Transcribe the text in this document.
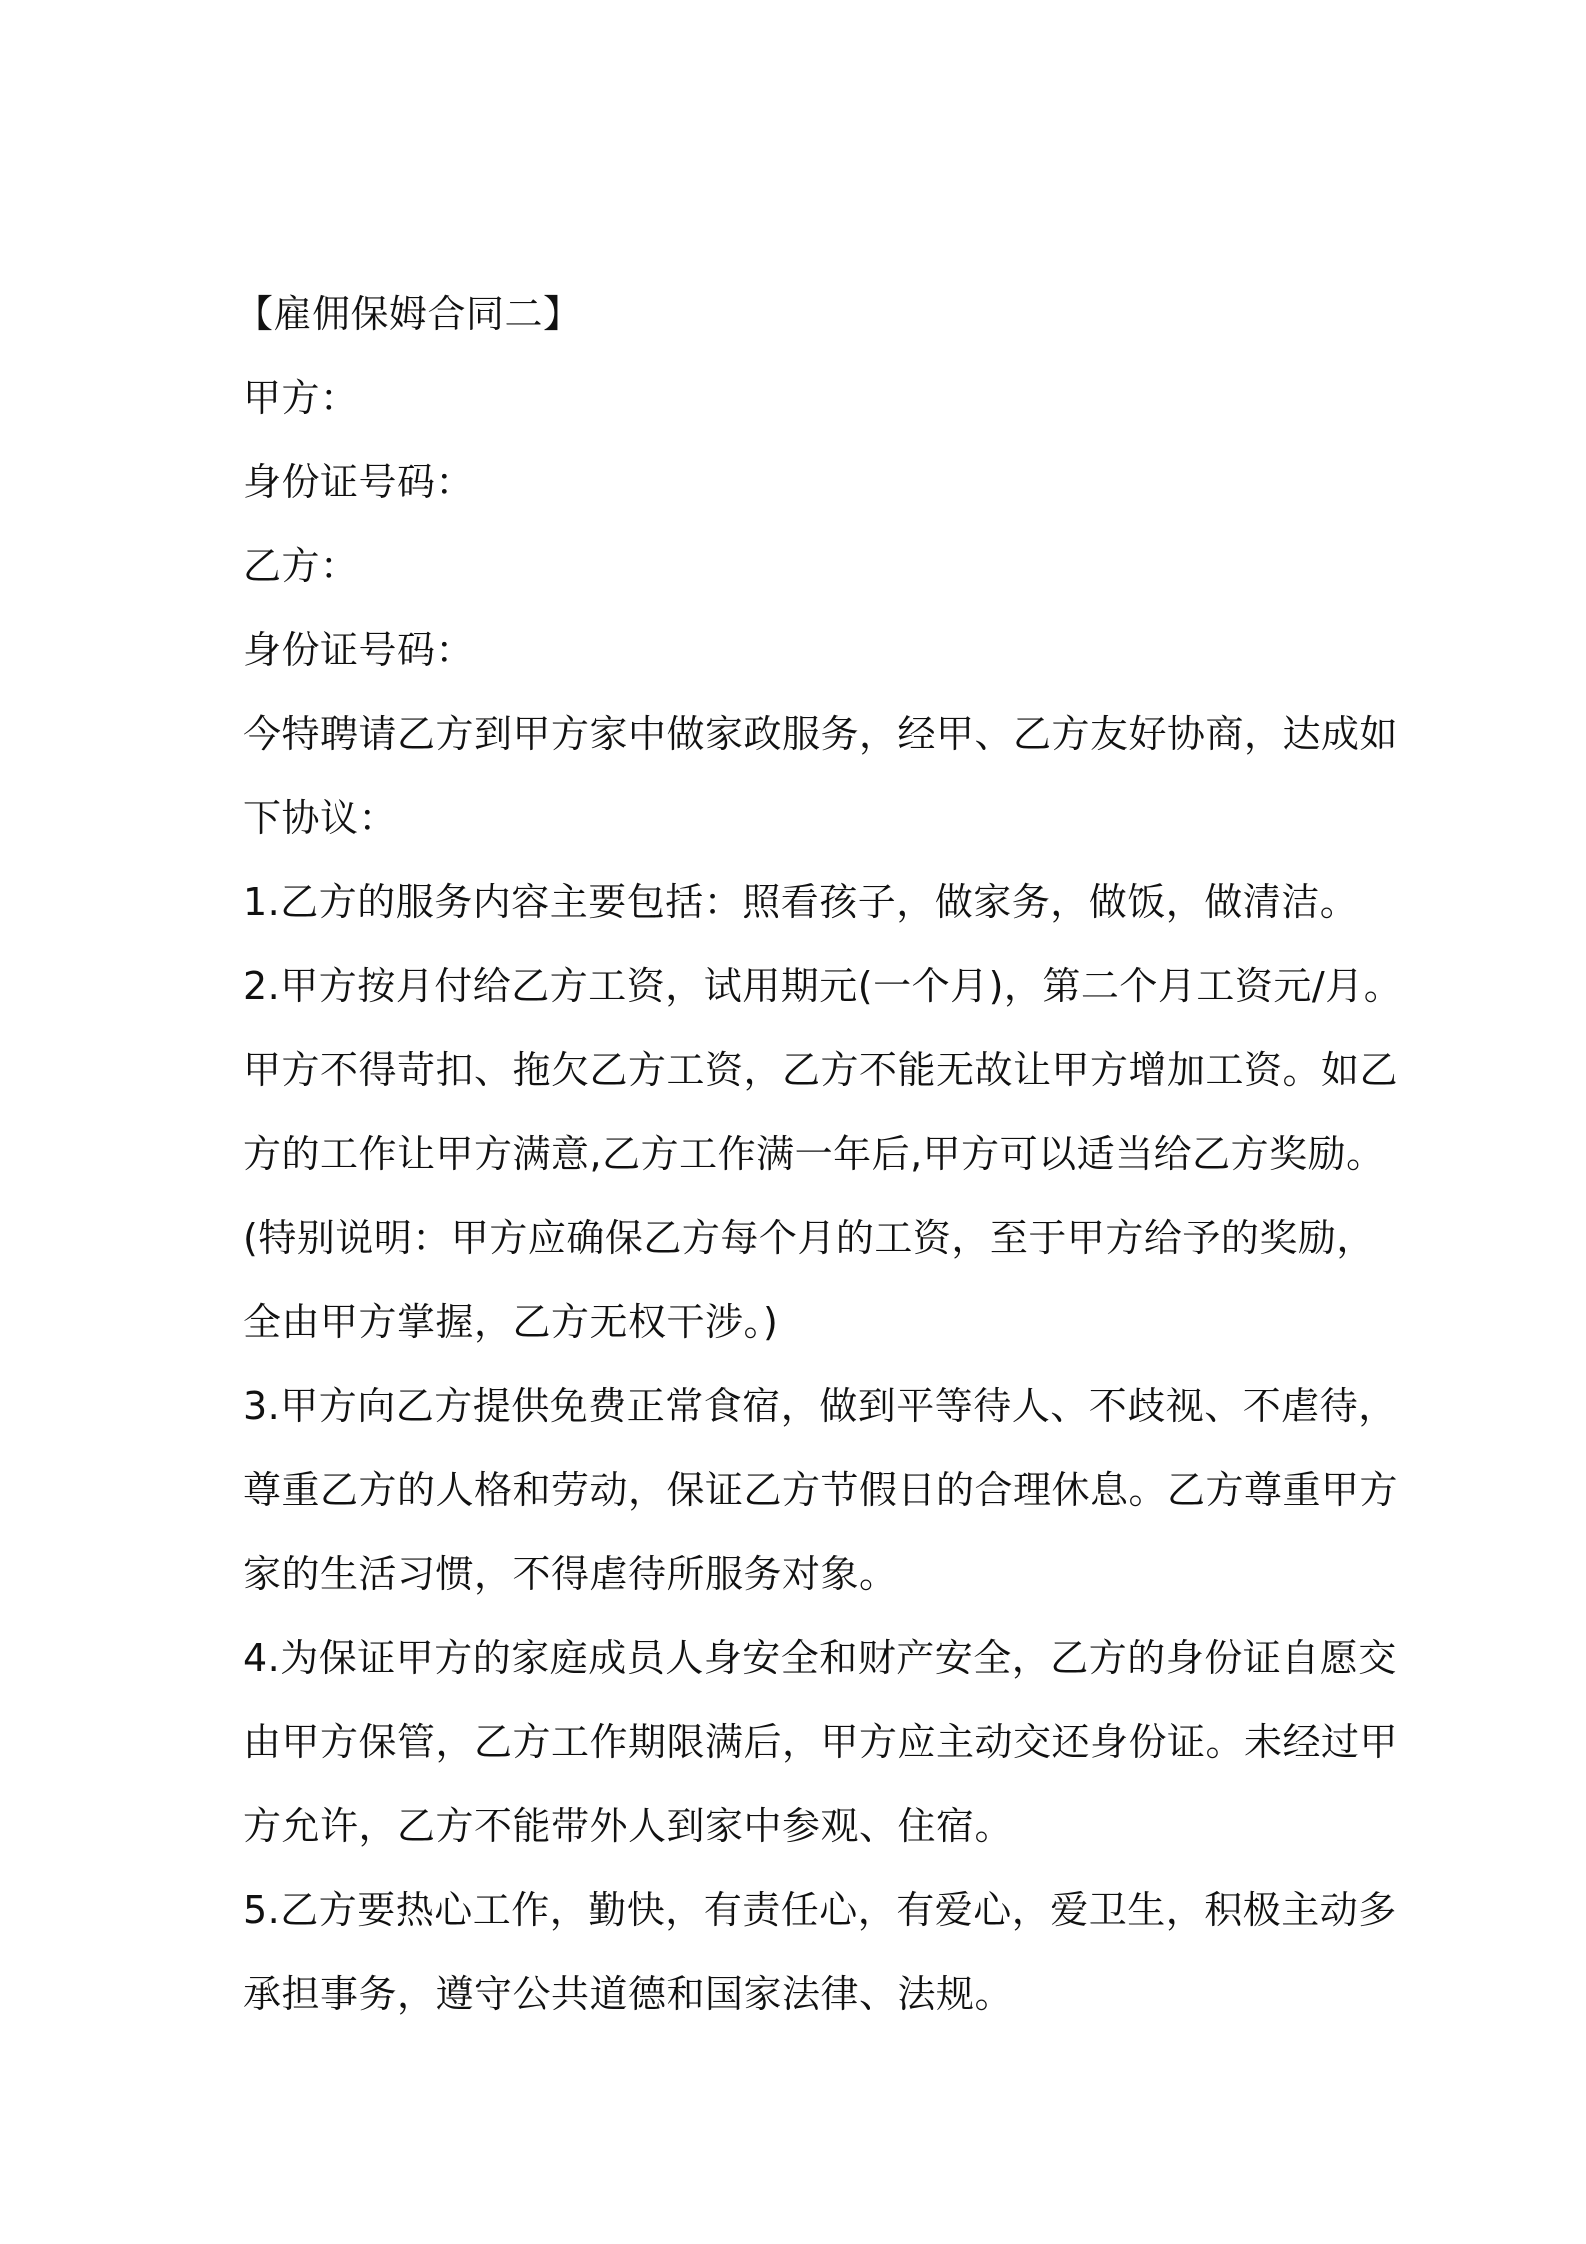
【雇佣保姆合同二】
甲方：
身份证号码：
乙方：
身份证号码：
今特聘请乙方到甲方家中做家政服务，经甲、乙方友好协商，达成如
下协议：
1.乙方的服务内容主要包括：照看孩子，做家务，做饭，做清洁。
2.甲方按月付给乙方工资，试用期元(一个月)，第二个月工资元/月。
甲方不得苛扣、拖欠乙方工资，乙方不能无故让甲方增加工资。如乙
方的工作让甲方满意,乙方工作满一年后,甲方可以适当给乙方奖励。
(特别说明：甲方应确保乙方每个月的工资，至于甲方给予的奖励，
全由甲方掌握，乙方无权干涉。)
3.甲方向乙方提供免费正常食宿，做到平等待人、不歧视、不虐待，
尊重乙方的人格和劳动，保证乙方节假日的合理休息。乙方尊重甲方
家的生活习惯，不得虐待所服务对象。
4.为保证甲方的家庭成员人身安全和财产安全，乙方的身份证自愿交
由甲方保管，乙方工作期限满后，甲方应主动交还身份证。未经过甲
方允许，乙方不能带外人到家中参观、住宿。
5.乙方要热心工作，勤快，有责任心，有爱心，爱卫生，积极主动多
承担事务，遵守公共道德和国家法律、法规。
